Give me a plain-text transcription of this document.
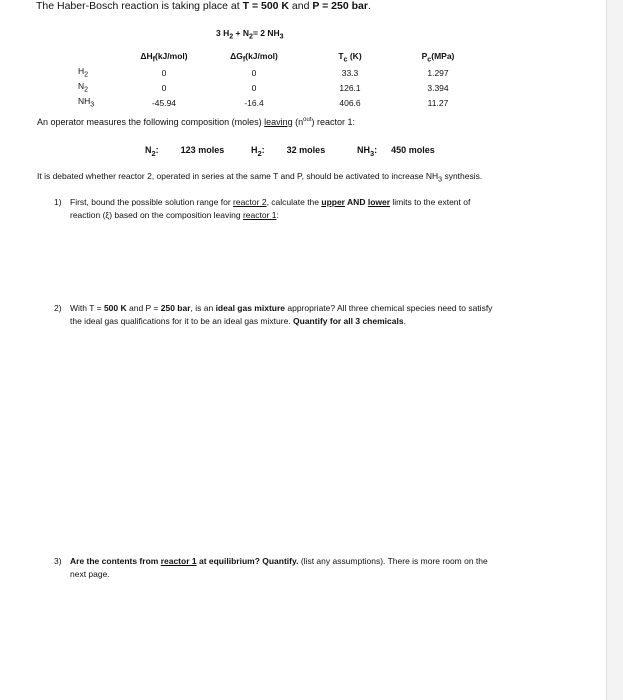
The Haber-Bosch reaction is taking place at T = 500 K and P = 250 bar.
3 $H_2 + N_2= 2$ $NH_3$
	$\Delta H_f(kJ/mol)$	$\Delta G_f(kJ/mol)$	$T_c$ (K)	$P_c(MPa)$
$H_2$	0	0	33.3	1.297
$N_2$	0	0	126.1	3.394
$NH_3$	-45.94	-16.4	406.6	11.27
An operator measures the following composition (moles) leaving $(n^{out})$ reactor 1:
$N_2$: 123 moles	$H_2$: 32 moles	$NH_3$: 450 moles
It is debated whether reactor 2, operated in series at the same T and P, should be activated to increase $NH_3$ synthesis.
1) First, bound the possible solution range for reactor 2, calculate the upper AND lower limits to the extent of
reaction (ξ) based on the composition leaving reactor 1:
2) With T = 500 K and P = 250 bar, is an ideal gas mixture appropriate? All three chemical species need to satisfy
the ideal gas qualifications for it to be an ideal gas mixture. Quantify for all 3 chemicals.
3) Are the contents from reactor 1 at equilibrium? Quantify. (list any assumptions). There is more room on the
next page.
